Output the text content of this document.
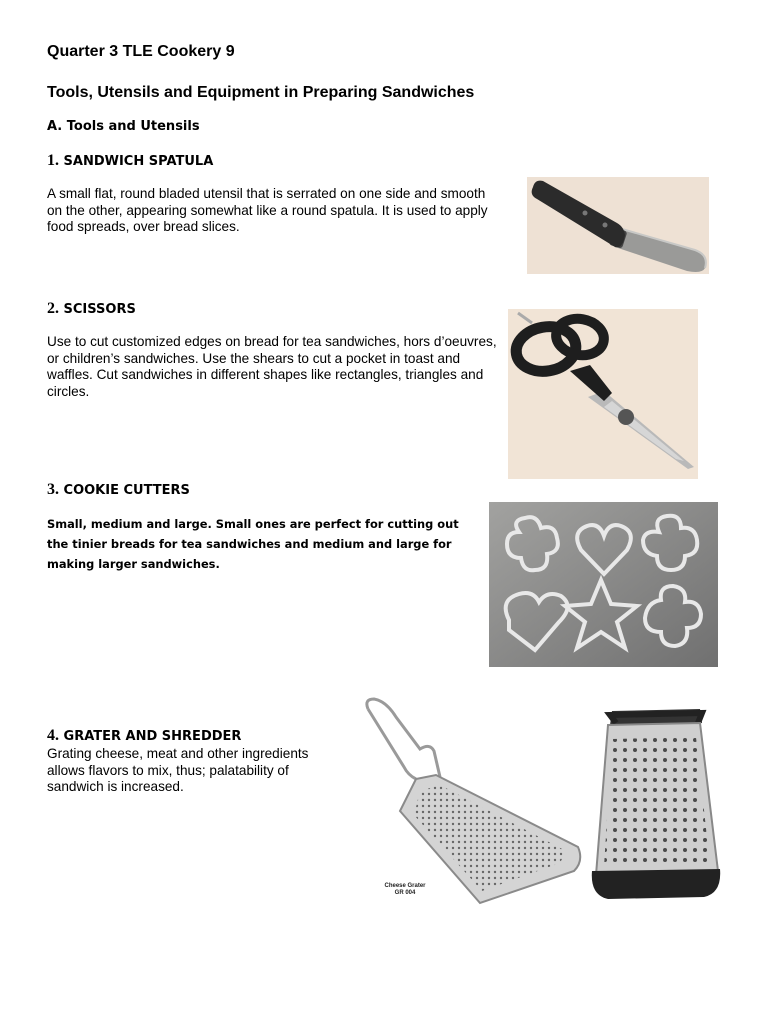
Quarter 3 TLE Cookery 9
Tools, Utensils and Equipment in Preparing Sandwiches
A. Tools and Utensils
1. SANDWICH SPATULA
A small flat, round bladed utensil that is serrated on one side and smooth on the other, appearing somewhat like a round spatula. It is used to apply food spreads, over bread slices.
2. SCISSORS
Use to cut customized edges on bread for tea sandwiches, hors d’oeuvres, or children’s sandwiches. Use the shears to cut a pocket in toast and waffles. Cut sandwiches in different shapes like rectangles, triangles and circles.
3. COOKIE CUTTERS
Small, medium and large. Small ones are perfect for cutting out the tinier breads for tea sandwiches and medium and large for making larger sandwiches.
4. GRATER AND SHREDDER
Grating cheese, meat and other ingredients allows flavors to mix, thus; palatability of sandwich is increased.
Cheese Grater
GR 004
